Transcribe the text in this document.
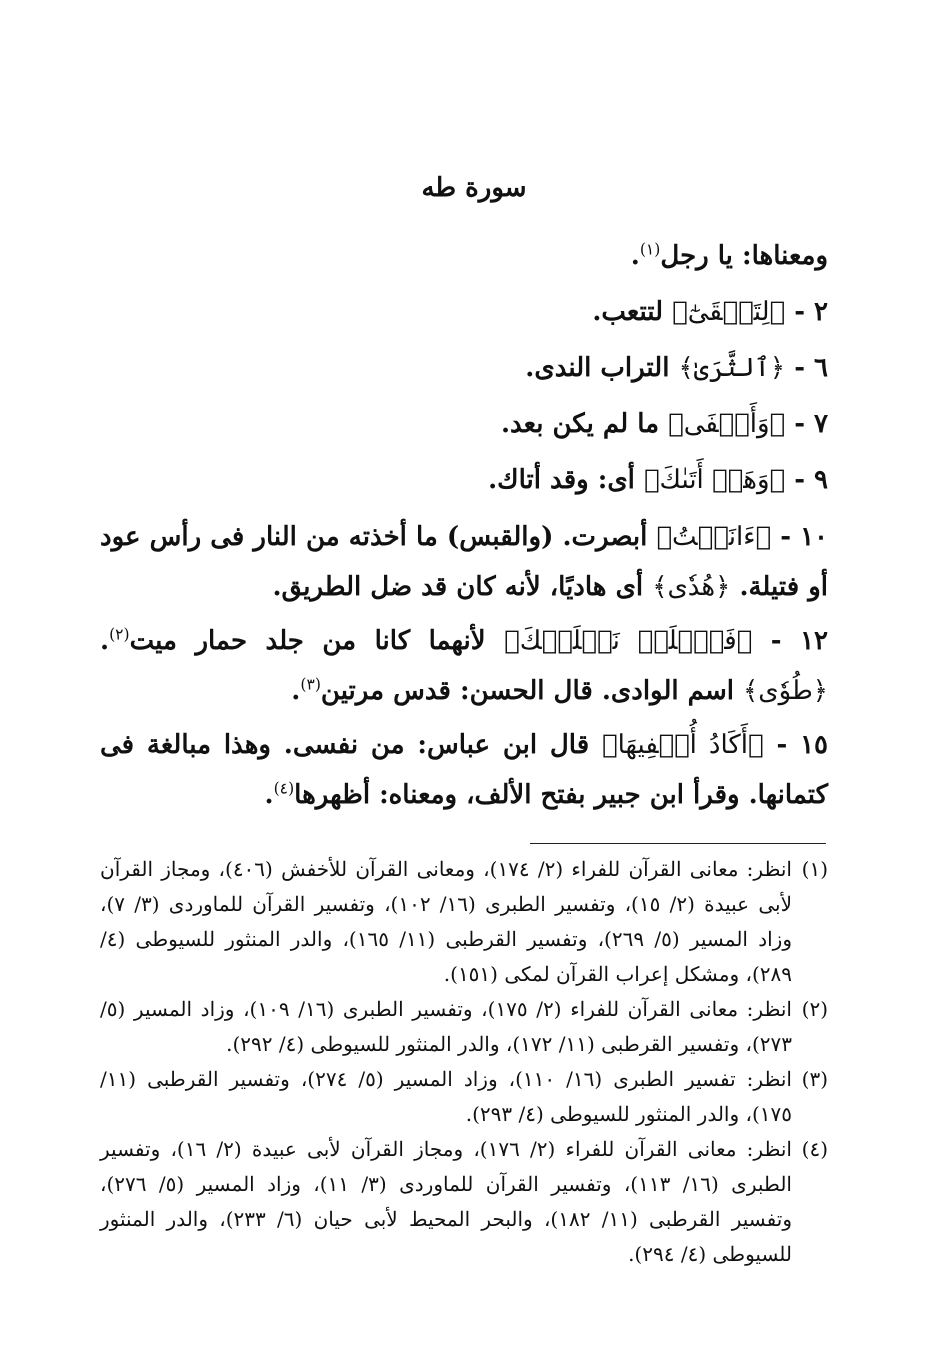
سورة طه

ومعناها: يا رجل$^{(١)}$.

٢ - ﴿لِتَشۡقَىٰٓ﴾ لتتعب.

٦ - ﴿ٱلثَّرَىٰ﴾ التراب الندى.

٧ - ﴿وَأَخۡفَى﴾ ما لم يكن بعد.

٩ - ﴿وَهَلۡ أَتَىٰكَ﴾ أى: وقد أتاك.

١٠ - ﴿ءَانَسۡتُ﴾ أبصرت. (والقبس) ما أخذته من النار فى رأس عود أو فتيلة. ﴿هُدٗى﴾ أى هاديًا، لأنه كان قد ضل الطريق.

١٢ - ﴿فَٱخۡلَعۡ نَعۡلَيۡكَ﴾ لأنهما كانا من جلد حمار ميت$^{(٢)}$. ﴿طُوٗى﴾ اسم الوادى. قال الحسن: قدس مرتين$^{(٣)}$.

١٥ - ﴿أَكَادُ أُخۡفِيهَا﴾ قال ابن عباس: من نفسى. وهذا مبالغة فى كتمانها. وقرأ ابن جبير بفتح الألف، ومعناه: أظهرها$^{(٤)}$.

(١)
انظر: معانى القرآن للفراء (٢/ ١٧٤)، ومعانى القرآن للأخفش (٤٠٦)، ومجاز القرآن لأبى عبيدة (٢/ ١٥)، وتفسير الطبرى (١٦/ ١٠٢)، وتفسير القرآن للماوردى (٣/ ٧)، وزاد المسير (٥/ ٢٦٩)، وتفسير القرطبى (١١/ ١٦٥)، والدر المنثور للسيوطى (٤/ ٢٨٩)، ومشكل إعراب القرآن لمكى (١٥١).
(٢)
انظر: معانى القرآن للفراء (٢/ ١٧٥)، وتفسير الطبرى (١٦/ ١٠٩)، وزاد المسير (٥/ ٢٧٣)، وتفسير القرطبى (١١/ ١٧٢)، والدر المنثور للسيوطى (٤/ ٢٩٢).
(٣)
انظر: تفسير الطبرى (١٦/ ١١٠)، وزاد المسير (٥/ ٢٧٤)، وتفسير القرطبى (١١/ ١٧٥)، والدر المنثور للسيوطى (٤/ ٢٩٣).
(٤)
انظر: معانى القرآن للفراء (٢/ ١٧٦)، ومجاز القرآن لأبى عبيدة (٢/ ١٦)، وتفسير الطبرى (١٦/ ١١٣)، وتفسير القرآن للماوردى (٣/ ١١)، وزاد المسير (٥/ ٢٧٦)، وتفسير القرطبى (١١/ ١٨٢)، والبحر المحيط لأبى حيان (٦/ ٢٣٣)، والدر المنثور للسيوطى (٤/ ٢٩٤).
